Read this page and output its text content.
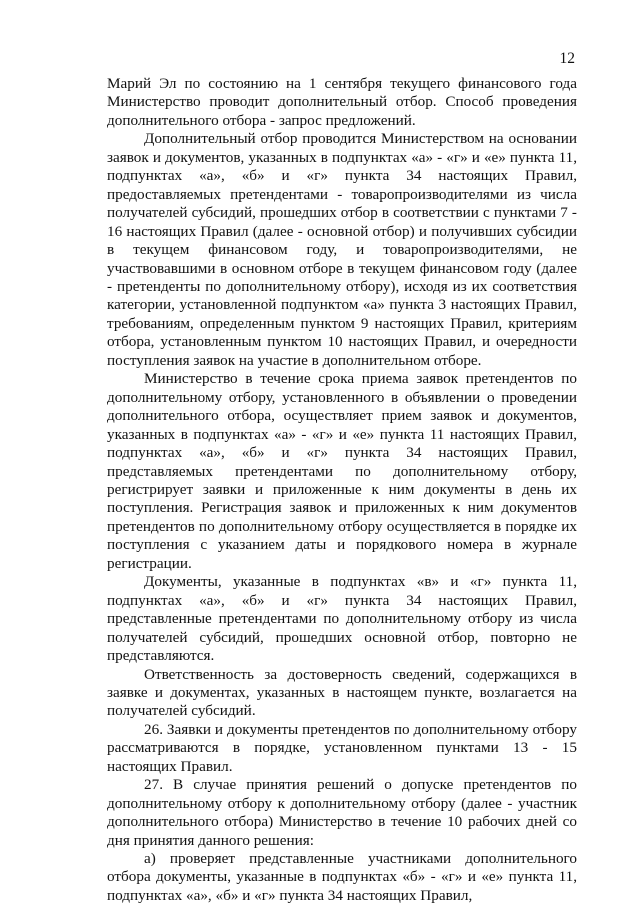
12

Марий Эл по состоянию на 1 сентября текущего финансового года Министерство проводит дополнительный отбор. Способ проведения дополнительного отбора - запрос предложений.

Дополнительный отбор проводится Министерством на основании заявок и документов, указанных в подпунктах «а» - «г» и «е» пункта 11, подпунктах «а», «б» и «г» пункта 34 настоящих Правил, предоставляемых претендентами - товаропроизводителями из числа получателей субсидий, прошедших отбор в соответствии с пунктами 7 - 16 настоящих Правил (далее - основной отбор) и получивших субсидии в текущем финансовом году, и товаропроизводителями, не участвовавшими в основном отборе в текущем финансовом году (далее - претенденты по дополнительному отбору), исходя из их соответствия категории, установленной подпунктом «а» пункта 3 настоящих Правил, требованиям, определенным пунктом 9 настоящих Правил, критериям отбора, установленным пунктом 10 настоящих Правил, и очередности поступления заявок на участие в дополнительном отборе.

Министерство в течение срока приема заявок претендентов по дополнительному отбору, установленного в объявлении о проведении дополнительного отбора, осуществляет прием заявок и документов, указанных в подпунктах «а» - «г» и «е» пункта 11 настоящих Правил, подпунктах «а», «б» и «г» пункта 34 настоящих Правил, представляемых претендентами по дополнительному отбору, регистрирует заявки и приложенные к ним документы в день их поступления. Регистрация заявок и приложенных к ним документов претендентов по дополнительному отбору осуществляется в порядке их поступления с указанием даты и порядкового номера в журнале регистрации.

Документы, указанные в подпунктах «в» и «г» пункта 11, подпунктах «а», «б» и «г» пункта 34 настоящих Правил, представленные претендентами по дополнительному отбору из числа получателей субсидий, прошедших основной отбор, повторно не представляются.

Ответственность за достоверность сведений, содержащихся в заявке и документах, указанных в настоящем пункте, возлагается на получателей субсидий.

26. Заявки и документы претендентов по дополнительному отбору рассматриваются в порядке, установленном пунктами 13 - 15 настоящих Правил.

27. В случае принятия решений о допуске претендентов по дополнительному отбору к дополнительному отбору (далее - участник дополнительного отбора) Министерство в течение 10 рабочих дней со дня принятия данного решения:

а) проверяет представленные участниками дополнительного отбора документы, указанные в подпунктах «б» - «г» и «е» пункта 11, подпунктах «а», «б» и «г» пункта 34 настоящих Правил,
